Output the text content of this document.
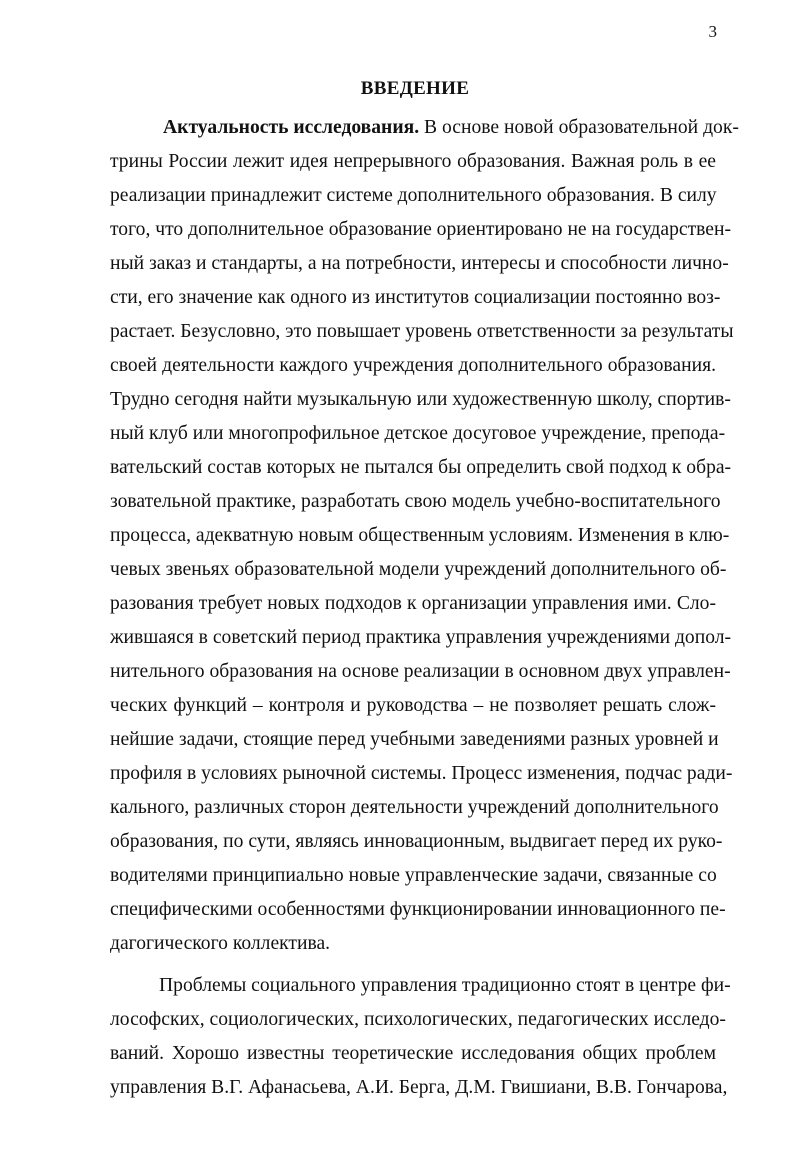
3
ВВЕДЕНИЕ
Актуальность исследования. В основе новой образовательной док-
трины России лежит идея непрерывного образования. Важная роль в ее
реализации принадлежит системе дополнительного образования. В силу
того, что дополнительное образование ориентировано не на государствен-
ный заказ и стандарты, а на потребности, интересы и способности лично-
сти, его значение как одного из институтов социализации постоянно воз-
растает. Безусловно, это повышает уровень ответственности за результаты
своей деятельности каждого учреждения дополнительного образования.
Трудно сегодня найти музыкальную или художественную школу, спортив-
ный клуб или многопрофильное детское досуговое учреждение, препода-
вательский состав которых не пытался бы определить свой подход к обра-
зовательной практике, разработать свою модель учебно-воспитательного
процесса, адекватную новым общественным условиям. Изменения в клю-
чевых звеньях образовательной модели учреждений дополнительного об-
разования требует новых подходов к организации управления ими. Сло-
жившаяся в советский период практика управления учреждениями допол-
нительного образования на основе реализации в основном двух управлен-
ческих функций – контроля и руководства – не позволяет решать слож-
нейшие задачи, стоящие перед учебными заведениями разных уровней и
профиля в условиях рыночной системы. Процесс изменения, подчас ради-
кального, различных сторон деятельности учреждений дополнительного
образования, по сути, являясь инновационным, выдвигает перед их руко-
водителями принципиально новые управленческие задачи, связанные со
специфическими особенностями функционировании инновационного пе-
дагогического коллектива.
Проблемы социального управления традиционно стоят в центре фи-
лософских, социологических, психологических, педагогических исследо-
ваний. Хорошо известны теоретические исследования общих проблем
управления В.Г. Афанасьева, А.И. Берга, Д.М. Гвишиани, В.В. Гончарова,
